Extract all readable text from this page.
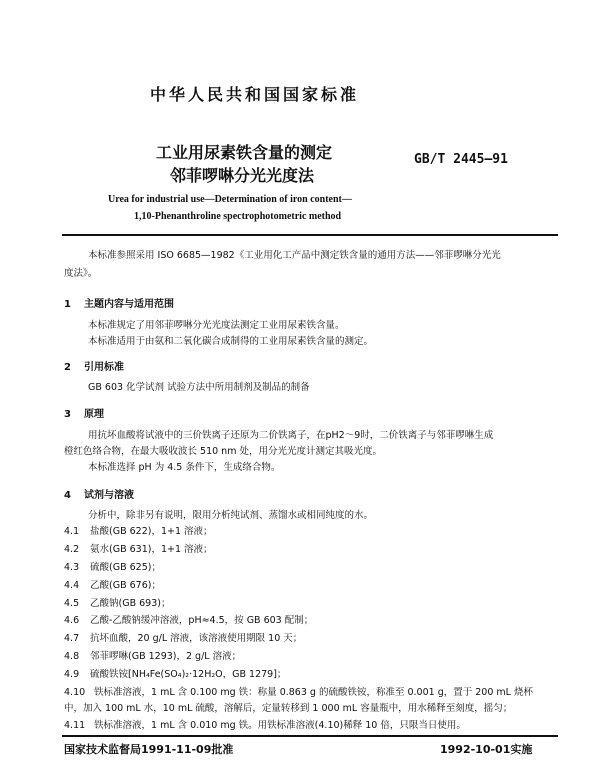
中华人民共和国国家标准
工业用尿素铁含量的测定
邻菲啰啉分光光度法
GB/T 2445—91
Urea for industrial use—Determination of iron content—
1,10-Phenanthroline spectrophotometric method
本标准参照采用 ISO 6685—1982《工业用化工产品中测定铁含量的通用方法——邻菲啰啉分光光
度法》。
1 主题内容与适用范围
本标准规定了用邻菲啰啉分光光度法测定工业用尿素铁含量。
本标准适用于由氨和二氧化碳合成制得的工业用尿素铁含量的测定。
2 引用标准
GB 603 化学试剂 试验方法中所用制剂及制品的制备
3 原理
用抗坏血酸将试液中的三价铁离子还原为二价铁离子，在pH2～9时，二价铁离子与邻菲啰啉生成
橙红色络合物，在最大吸收波长 510 nm 处，用分光光度计测定其吸光度。
本标准选择 pH 为 4.5 条件下，生成络合物。
4 试剂与溶液
分析中，除非另有说明，限用分析纯试剂、蒸馏水或相同纯度的水。
4.1 盐酸(GB 622)，1+1 溶液；
4.2 氨水(GB 631)，1+1 溶液；
4.3 硫酸(GB 625)；
4.4 乙酸(GB 676)；
4.5 乙酸钠(GB 693)；
4.6 乙酸-乙酸钠缓冲溶液，pH≈4.5，按 GB 603 配制；
4.7 抗坏血酸，20 g/L 溶液，该溶液使用期限 10 天；
4.8 邻菲啰啉(GB 1293)，2 g/L 溶液；
4.9 硫酸铁铵[NH₄Fe(SO₄)₂·12H₂O，GB 1279]；
4.10 铁标准溶液，1 mL 含 0.100 mg 铁：称量 0.863 g 的硫酸铁铵，称准至 0.001 g，置于 200 mL 烧杯
中，加入 100 mL 水，10 mL 硫酸，溶解后，定量转移到 1 000 mL 容量瓶中，用水稀释至刻度，摇匀；
4.11 铁标准溶液，1 mL 含 0.010 mg 铁。用铁标准溶液(4.10)稀释 10 倍，只限当日使用。
国家技术监督局1991-11-09批准	1992-10-01实施
